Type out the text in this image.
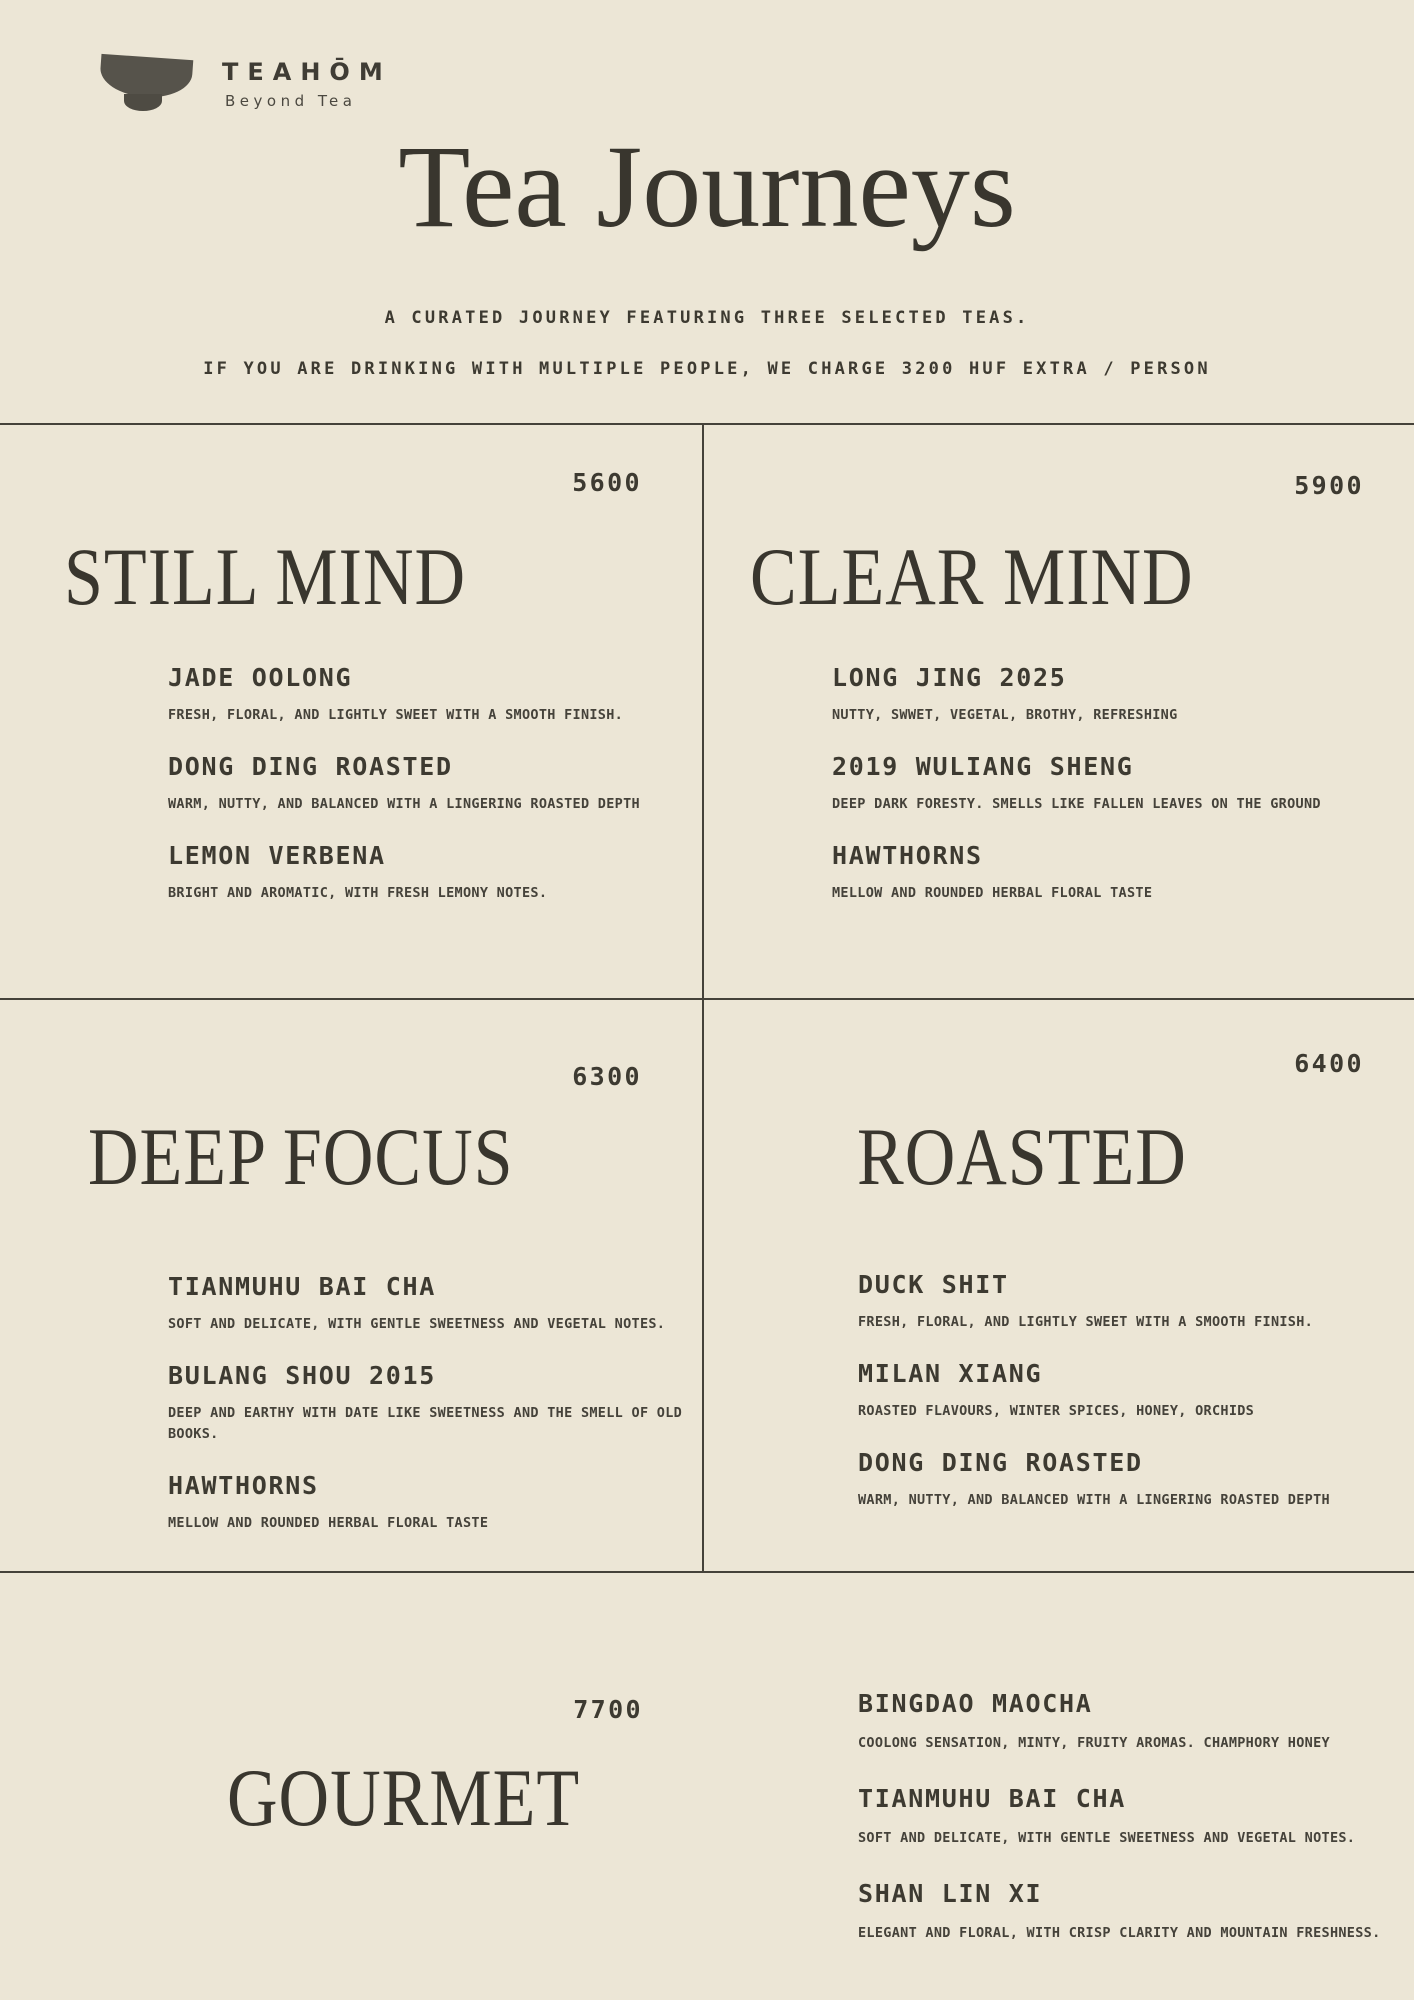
TEAHŌM
Beyond Tea
Tea Journeys
A CURATED JOURNEY FEATURING THREE SELECTED TEAS.
IF YOU ARE DRINKING WITH MULTIPLE PEOPLE, WE CHARGE 3200 HUF EXTRA / PERSON
5600
STILL MIND
JADE OOLONG
FRESH, FLORAL, AND LIGHTLY SWEET WITH A SMOOTH FINISH.
DONG DING ROASTED
WARM, NUTTY, AND BALANCED WITH A LINGERING ROASTED DEPTH
LEMON VERBENA
BRIGHT AND AROMATIC, WITH FRESH LEMONY NOTES.
5900
CLEAR MIND
LONG JING 2025
NUTTY, SWWET, VEGETAL, BROTHY, REFRESHING
2019 WULIANG SHENG
DEEP DARK FORESTY. SMELLS LIKE FALLEN LEAVES ON THE GROUND
HAWTHORNS
MELLOW AND ROUNDED HERBAL FLORAL TASTE
6300
DEEP FOCUS
TIANMUHU BAI CHA
SOFT AND DELICATE, WITH GENTLE SWEETNESS AND VEGETAL NOTES.
BULANG SHOU 2015
DEEP AND EARTHY WITH DATE LIKE SWEETNESS AND THE SMELL OF OLD BOOKS.
HAWTHORNS
MELLOW AND ROUNDED HERBAL FLORAL TASTE
6400
ROASTED
DUCK SHIT
FRESH, FLORAL, AND LIGHTLY SWEET WITH A SMOOTH FINISH.
MILAN XIANG
ROASTED FLAVOURS, WINTER SPICES, HONEY, ORCHIDS
DONG DING ROASTED
WARM, NUTTY, AND BALANCED WITH A LINGERING ROASTED DEPTH
7700
GOURMET
BINGDAO MAOCHA
COOLONG SENSATION, MINTY, FRUITY AROMAS. CHAMPHORY HONEY
TIANMUHU BAI CHA
SOFT AND DELICATE, WITH GENTLE SWEETNESS AND VEGETAL NOTES.
SHAN LIN XI
ELEGANT AND FLORAL, WITH CRISP CLARITY AND MOUNTAIN FRESHNESS.
